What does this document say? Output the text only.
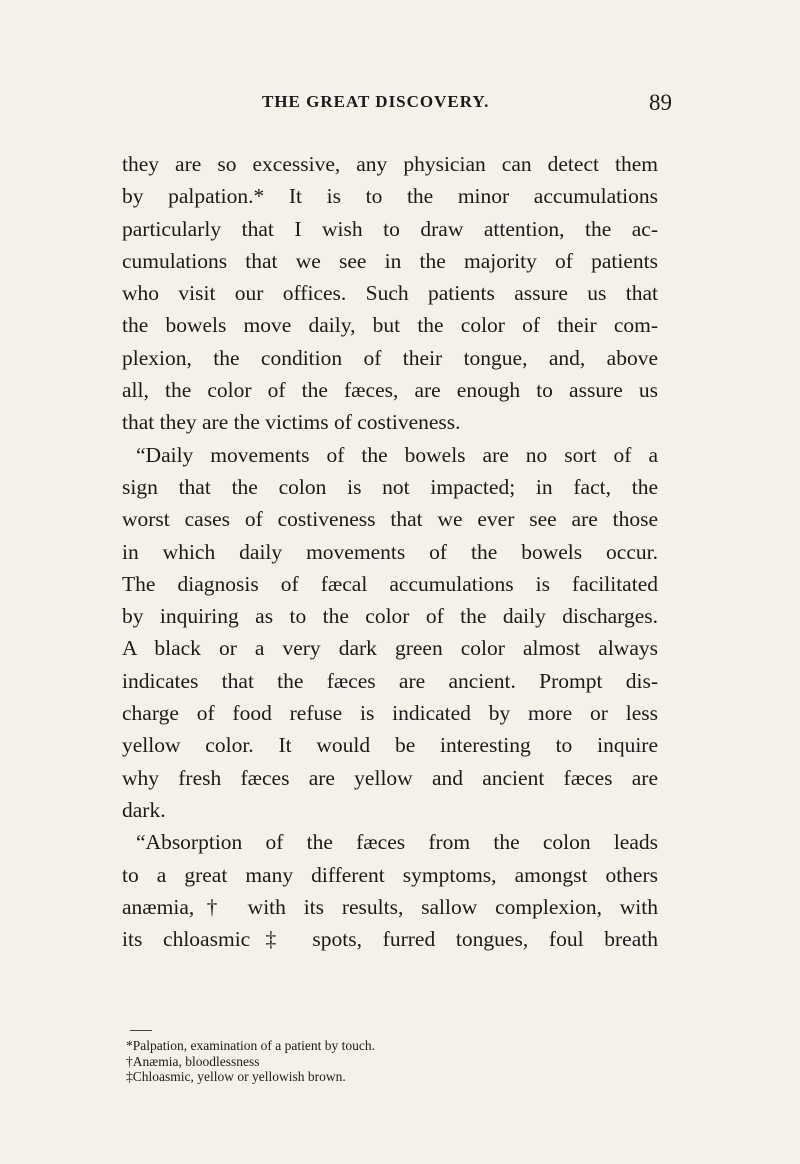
THE GREAT DISCOVERY.	89
they are so excessive, any physician can detect them
by palpation.* It is to the minor accumulations
particularly that I wish to draw attention, the ac-
cumulations that we see in the majority of patients
who visit our offices. Such patients assure us that
the bowels move daily, but the color of their com-
plexion, the condition of their tongue, and, above
all, the color of the fæces, are enough to assure us
that they are the victims of costiveness.
“Daily movements of the bowels are no sort of a
sign that the colon is not impacted; in fact, the
worst cases of costiveness that we ever see are those
in which daily movements of the bowels occur.
The diagnosis of fæcal accumulations is facilitated
by inquiring as to the color of the daily discharges.
A black or a very dark green color almost always
indicates that the fæces are ancient. Prompt dis-
charge of food refuse is indicated by more or less
yellow color. It would be interesting to inquire
why fresh fæces are yellow and ancient fæces are
dark.
“Absorption of the fæces from the colon leads
to a great many different symptoms, amongst others
anæmia,† with its results, sallow complexion, with
its chloasmic‡ spots, furred tongues, foul breath
*Palpation, examination of a patient by touch.
†Anæmia, bloodlessness
‡Chloasmic, yellow or yellowish brown.
